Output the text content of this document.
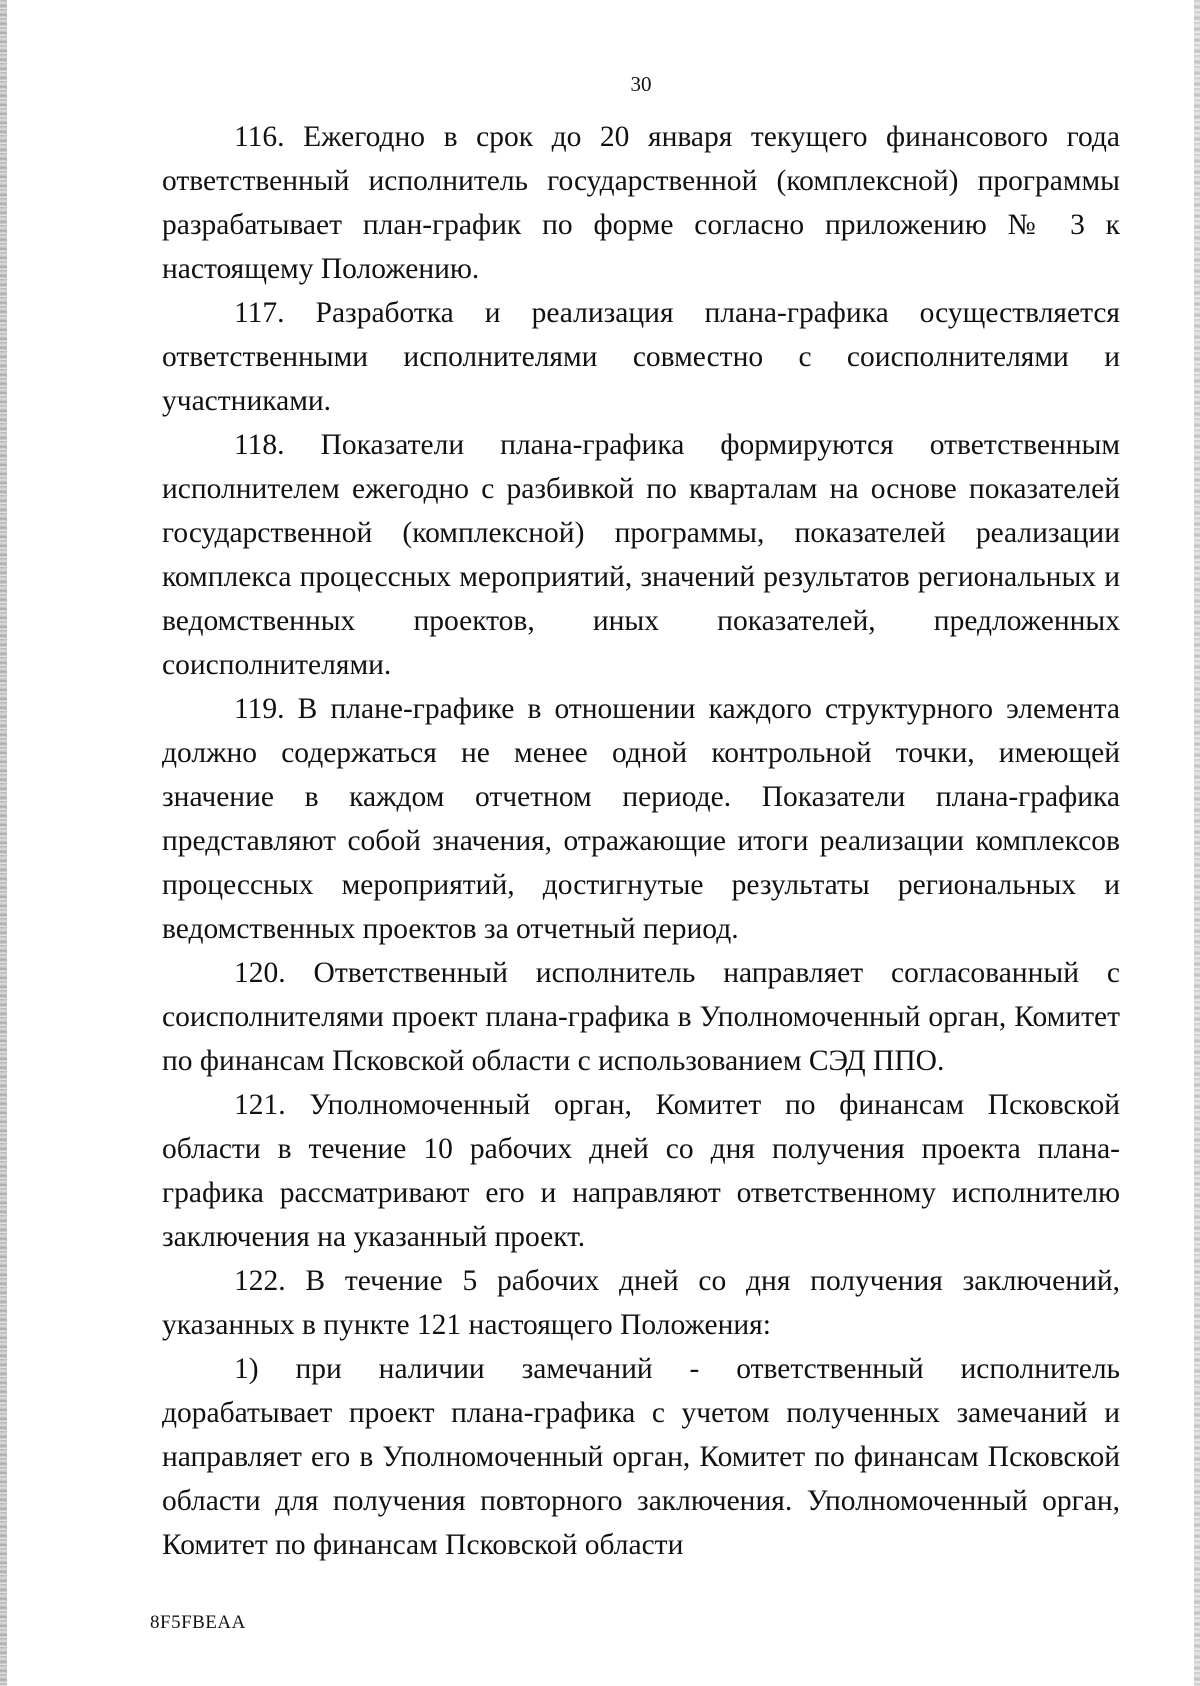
30

116. Ежегодно в срок до 20 января текущего финансового года ответственный исполнитель государственной (комплексной) программы разрабатывает план-график по форме согласно приложению № 3 к настоящему Положению.

117. Разработка и реализация плана-графика осуществляется ответственными исполнителями совместно с соисполнителями и участниками.

118. Показатели плана-графика формируются ответственным исполнителем ежегодно с разбивкой по кварталам на основе показателей государственной (комплексной) программы, показателей реализации комплекса процессных мероприятий, значений результатов региональных и ведомственных проектов, иных показателей, предложенных соисполнителями.

119. В плане-графике в отношении каждого структурного элемента должно содержаться не менее одной контрольной точки, имеющей значение в каждом отчетном периоде. Показатели плана-графика представляют собой значения, отражающие итоги реализации комплексов процессных мероприятий, достигнутые результаты региональных и ведомственных проектов за отчетный период.

120. Ответственный исполнитель направляет согласованный с соисполнителями проект плана-графика в Уполномоченный орган, Комитет по финансам Псковской области с использованием СЭД ППО.

121. Уполномоченный орган, Комитет по финансам Псковской области в течение 10 рабочих дней со дня получения проекта плана-графика рассматривают его и направляют ответственному исполнителю заключения на указанный проект.

122. В течение 5 рабочих дней со дня получения заключений, указанных в пункте 121 настоящего Положения:

1) при наличии замечаний - ответственный исполнитель дорабатывает проект плана-графика с учетом полученных замечаний и направляет его в Уполномоченный орган, Комитет по финансам Псковской области для получения повторного заключения. Уполномоченный орган, Комитет по финансам Псковской области

8F5FBEAA
